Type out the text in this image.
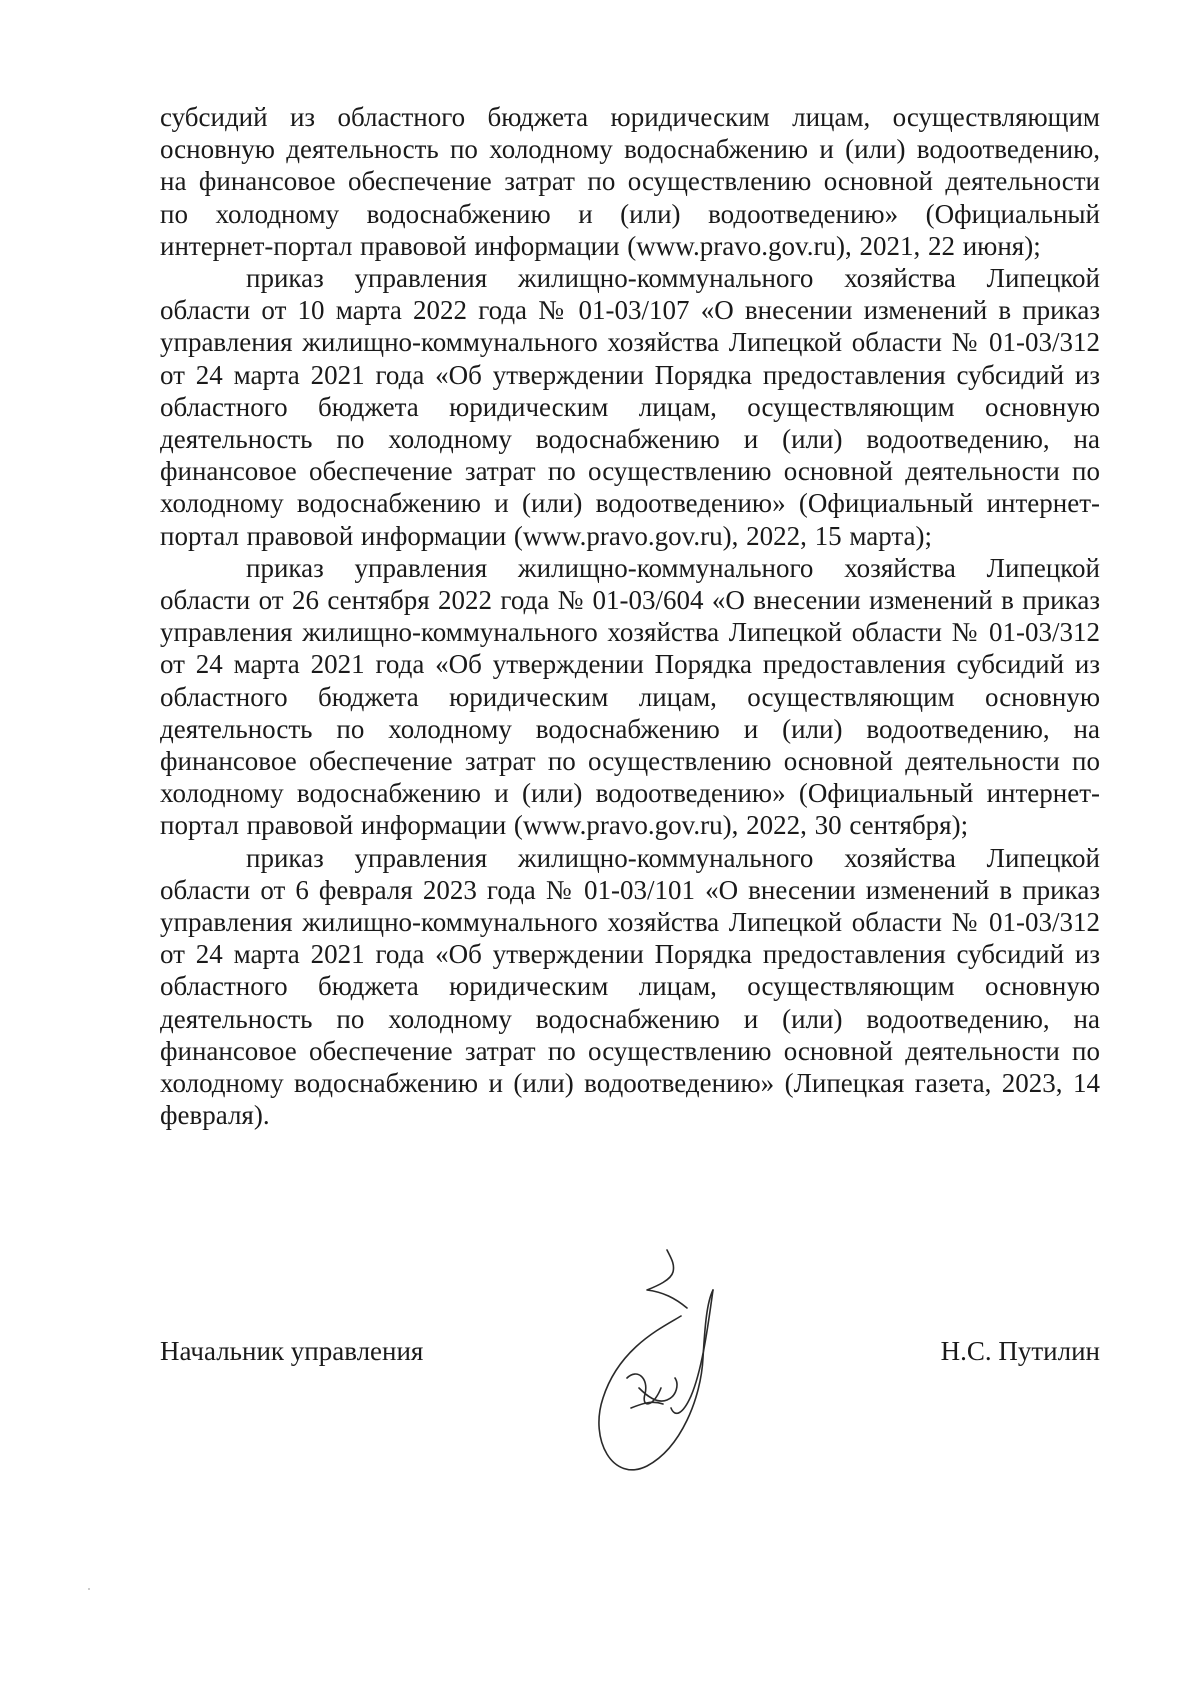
субсидий из областного бюджета юридическим лицам, осуществляющим основную деятельность по холодному водоснабжению и (или) водоотведению, на финансовое обеспечение затрат по осуществлению основной деятельности по холодному водоснабжению и (или) водоотведению» (Официальный интернет-портал правовой информации (www.pravo.gov.ru), 2021, 22 июня);

приказ управления жилищно-коммунального хозяйства Липецкой области от 10 марта 2022 года № 01-03/107 «О внесении изменений в приказ управления жилищно-коммунального хозяйства Липецкой области № 01-03/312 от 24 марта 2021 года «Об утверждении Порядка предоставления субсидий из областного бюджета юридическим лицам, осуществляющим основную деятельность по холодному водоснабжению и (или) водоотведению, на финансовое обеспечение затрат по осуществлению основной деятельности по холодному водоснабжению и (или) водоотведению» (Официальный интернет-портал правовой информации (www.pravo.gov.ru), 2022, 15 марта);

приказ управления жилищно-коммунального хозяйства Липецкой области от 26 сентября 2022 года № 01-03/604 «О внесении изменений в приказ управления жилищно-коммунального хозяйства Липецкой области № 01-03/312 от 24 марта 2021 года «Об утверждении Порядка предоставления субсидий из областного бюджета юридическим лицам, осуществляющим основную деятельность по холодному водоснабжению и (или) водоотведению, на финансовое обеспечение затрат по осуществлению основной деятельности по холодному водоснабжению и (или) водоотведению» (Официальный интернет-портал правовой информации (www.pravo.gov.ru), 2022, 30 сентября);

приказ управления жилищно-коммунального хозяйства Липецкой области от 6 февраля 2023 года № 01-03/101 «О внесении изменений в приказ управления жилищно-коммунального хозяйства Липецкой области № 01-03/312 от 24 марта 2021 года «Об утверждении Порядка предоставления субсидий из областного бюджета юридическим лицам, осуществляющим основную деятельность по холодному водоснабжению и (или) водоотведению, на финансовое обеспечение затрат по осуществлению основной деятельности по холодному водоснабжению и (или) водоотведению» (Липецкая газета, 2023, 14 февраля).

Начальник управления	Н.С. Путилин
